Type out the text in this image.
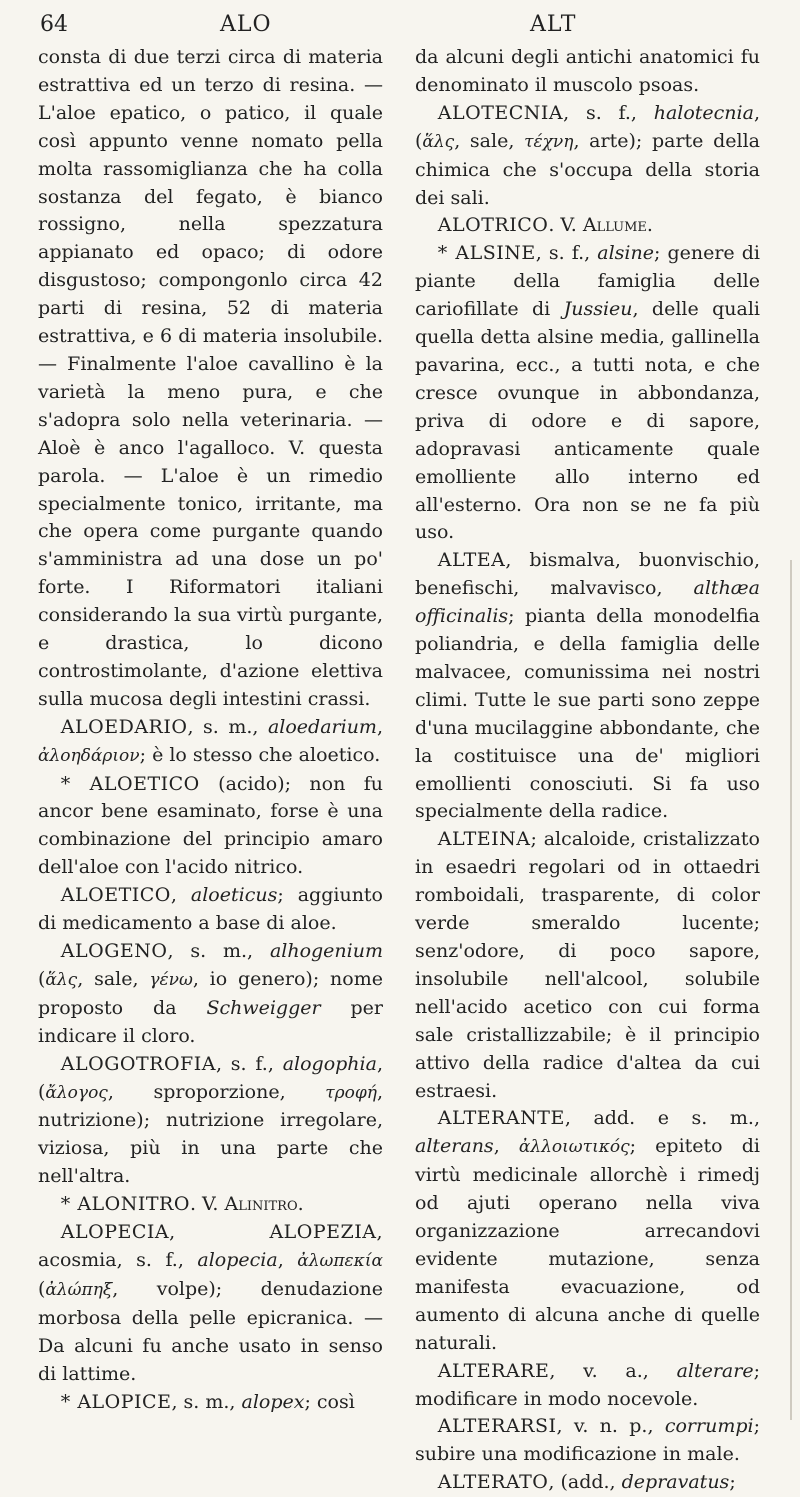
64	ALO	ALT

consta di due terzi circa di materia estrattiva ed un terzo di resina. — L'aloe epatico, o patico, il quale così appunto venne nomato pella molta rassomiglianza che ha colla sostanza del fegato, è bianco rossigno, nella spezzatura appianato ed opaco; di odore disgustoso; compongonlo circa 42 parti di resina, 52 di materia estrattiva, e 6 di materia insolubile. — Finalmente l'aloe cavallino è la varietà la meno pura, e che s'adopra solo nella veterinaria. — Aloè è anco l'agalloco. V. questa parola. — L'aloe è un rimedio specialmente tonico, irritante, ma che opera come purgante quando s'amministra ad una dose un po' forte. I Riformatori italiani considerando la sua virtù purgante, e drastica, lo dicono controstimolante, d'azione elettiva sulla mucosa degli intestini crassi.

ALOEDARIO, s. m., aloedarium, ἀλοηδάριον; è lo stesso che aloetico.

* ALOETICO (acido); non fu ancor bene esaminato, forse è una combinazione del principio amaro dell'aloe con l'acido nitrico.

ALOETICO, aloeticus; aggiunto di medicamento a base di aloe.

ALOGENO, s. m., alhogenium (ἅλς, sale, γένω, io genero); nome proposto da Schweigger per indicare il cloro.

ALOGOTROFIA, s. f., alogophia, (ἄλογος, sproporzione, τροφή, nutrizione); nutrizione irregolare, viziosa, più in una parte che nell'altra.

* ALONITRO. V. Alinitro.

ALOPECIA,	ALOPEZIA, acosmia, s. f., alopecia, ἀλωπεκία (ἀλώπηξ, volpe); denudazione morbosa della pelle epicranica. — Da alcuni fu anche usato in senso di lattime.

* ALOPICE, s. m., alopex; così

da alcuni degli antichi anatomici fu denominato il muscolo psoas.

ALOTECNIA, s. f., halotecnia, (ἅλς, sale, τέχνη, arte); parte della chimica che s'occupa della storia dei sali.

ALOTRICO. V. Allume.

* ALSINE, s. f., alsine; genere di piante della famiglia delle cariofillate di Jussieu, delle quali quella detta alsine media, gallinella pavarina, ecc., a tutti nota, e che cresce ovunque in abbondanza, priva di odore e di sapore, adopravasi anticamente quale emolliente allo interno ed all'esterno. Ora non se ne fa più uso.

ALTEA, bismalva, buonvischio, benefischi, malvavisco, althæa officinalis; pianta della monodelfia poliandria, e della famiglia delle malvacee, comunissima nei nostri climi. Tutte le sue parti sono zeppe d'una mucilaggine abbondante, che la costituisce una de' migliori emollienti conosciuti. Si fa uso specialmente della radice.

ALTEINA; alcaloide, cristalizzato in esaedri regolari od in ottaedri romboidali, trasparente, di color verde smeraldo lucente; senz'odore, di poco sapore, insolubile nell'alcool, solubile nell'acido acetico con cui forma sale cristallizzabile; è il principio attivo della radice d'altea da cui estraesi.

ALTERANTE, add. e s. m., alterans, ἀλλοιωτικός; epiteto di virtù medicinale allorchè i rimedj od ajuti operano nella viva organizzazione arrecandovi evidente mutazione, senza manifesta evacuazione, od aumento di alcuna anche di quelle naturali.

ALTERARE, v. a., alterare; modificare in modo nocevole.

ALTERARSI, v. n. p., corrumpi; subire una modificazione in male.

ALTERATO, (add., depravatus;
